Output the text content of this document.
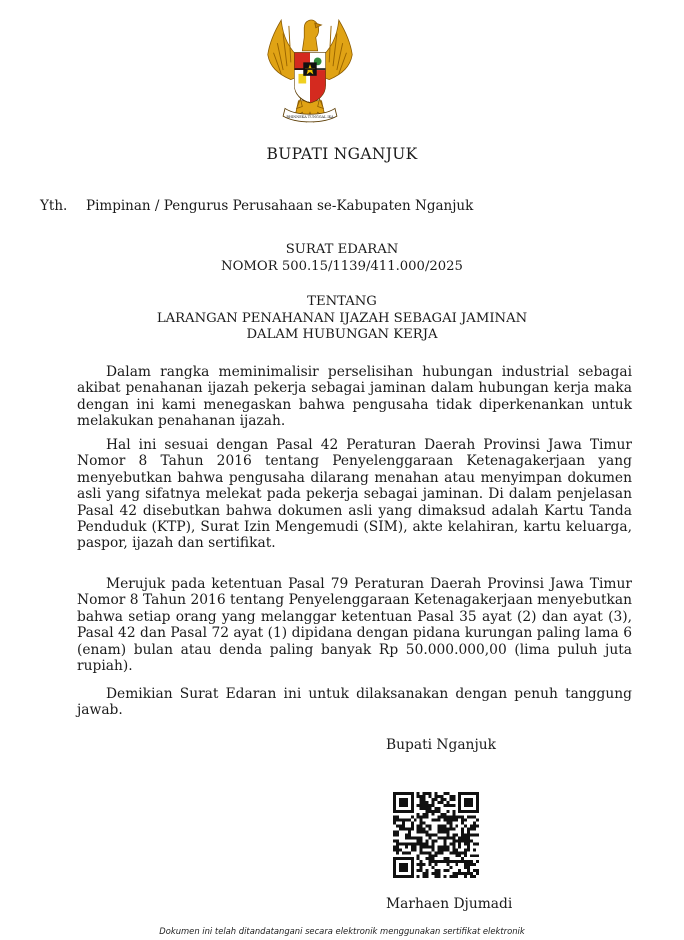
BHINNEKA TUNGGAL IKA
BUPATI NGANJUK
Yth. Pimpinan / Pengurus Perusahaan se-Kabupaten Nganjuk
SURAT EDARAN
NOMOR 500.15/1139/411.000/2025
TENTANG
LARANGAN PENAHANAN IJAZAH SEBAGAI JAMINAN
DALAM HUBUNGAN KERJA

Dalam rangka meminimalisir perselisihan hubungan industrial sebagai akibat penahanan ijazah pekerja sebagai jaminan dalam hubungan kerja maka dengan ini kami menegaskan bahwa pengusaha tidak diperkenankan untuk melakukan penahanan ijazah.

Hal ini sesuai dengan Pasal 42 Peraturan Daerah Provinsi Jawa Timur Nomor 8 Tahun 2016 tentang Penyelenggaraan Ketenagakerjaan yang menyebutkan bahwa pengusaha dilarang menahan atau menyimpan dokumen asli yang sifatnya melekat pada pekerja sebagai jaminan. Di dalam penjelasan Pasal 42 disebutkan bahwa dokumen asli yang dimaksud adalah Kartu Tanda Penduduk (KTP), Surat Izin Mengemudi (SIM), akte kelahiran, kartu keluarga, paspor, ijazah dan sertifikat.

Merujuk pada ketentuan Pasal 79 Peraturan Daerah Provinsi Jawa Timur Nomor 8 Tahun 2016 tentang Penyelenggaraan Ketenagakerjaan menyebutkan bahwa setiap orang yang melanggar ketentuan Pasal 35 ayat (2) dan ayat (3), Pasal 42 dan Pasal 72 ayat (1) dipidana dengan pidana kurungan paling lama 6 (enam) bulan atau denda paling banyak Rp 50.000.000,00 (lima puluh juta rupiah).

Demikian Surat Edaran ini untuk dilaksanakan dengan penuh tanggung jawab.

Bupati Nganjuk
Marhaen Djumadi
Dokumen ini telah ditandatangani secara elektronik menggunakan sertifikat elektronik
